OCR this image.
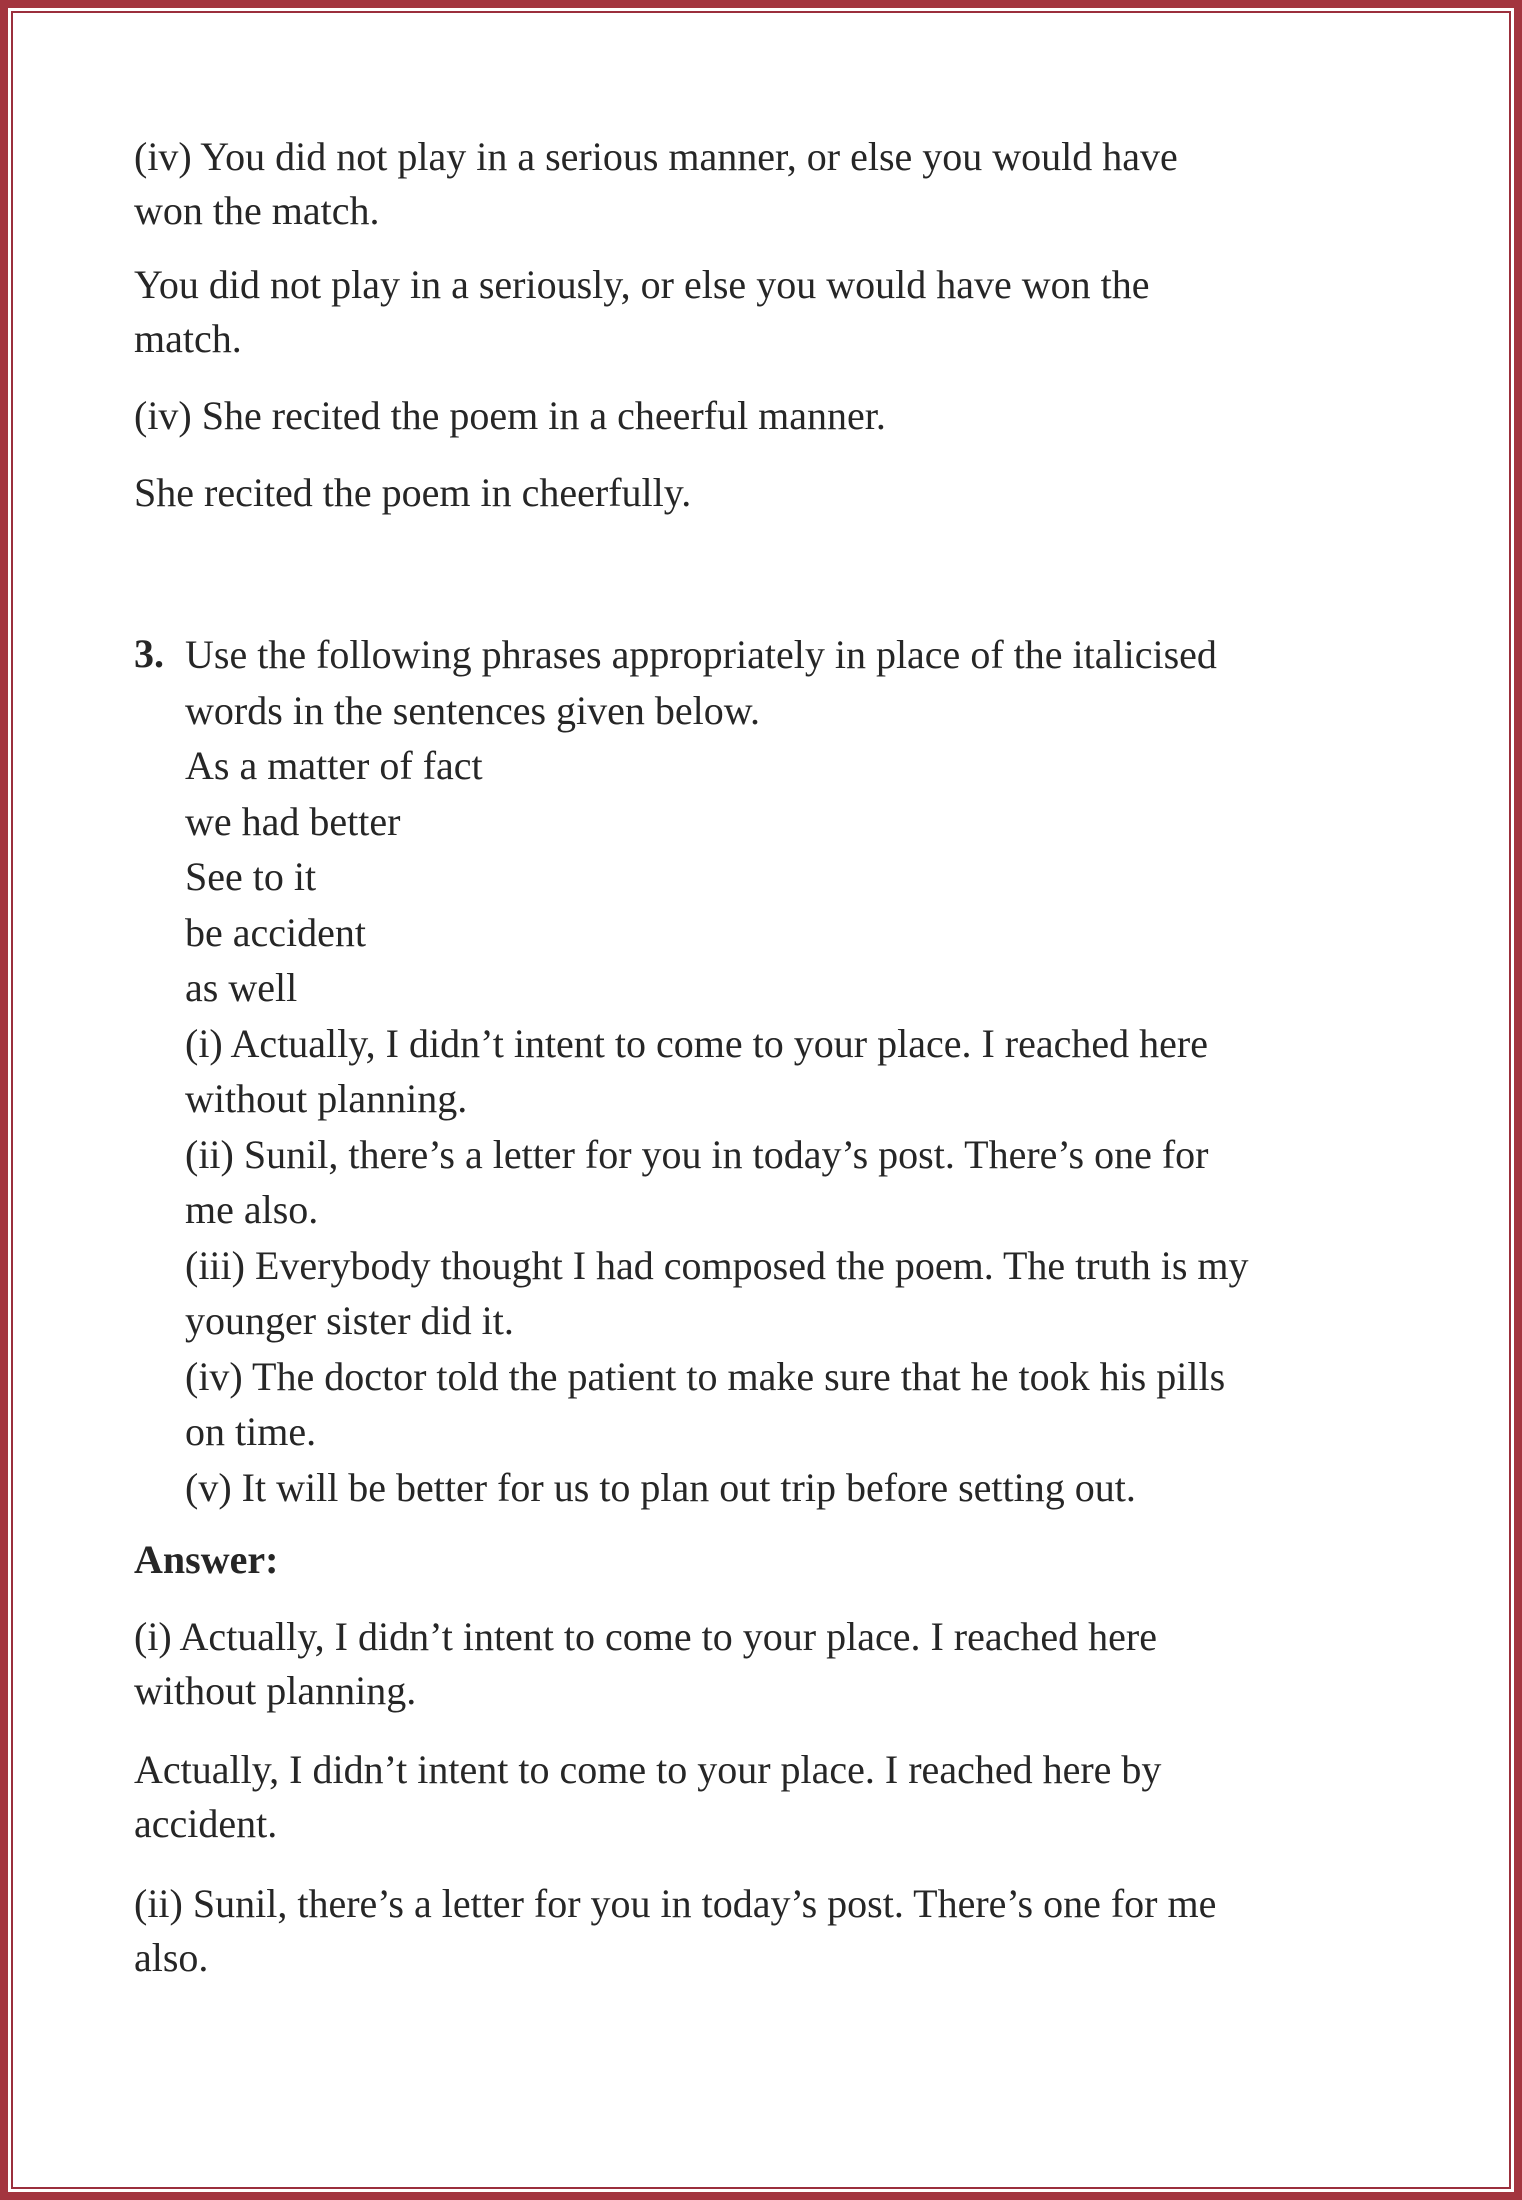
(iv) You did not play in a serious manner, or else you would have
won the match.
You did not play in a seriously, or else you would have won the
match.
(iv) She recited the poem in a cheerful manner.
She recited the poem in cheerfully.
3. Use the following phrases appropriately in place of the italicised
words in the sentences given below.
As a matter of fact
we had better
See to it
be accident
as well
(i) Actually, I didn’t intent to come to your place. I reached here
without planning.
(ii) Sunil, there’s a letter for you in today’s post. There’s one for
me also.
(iii) Everybody thought I had composed the poem. The truth is my
younger sister did it.
(iv) The doctor told the patient to make sure that he took his pills
on time.
(v) It will be better for us to plan out trip before setting out.
Answer:
(i) Actually, I didn’t intent to come to your place. I reached here
without planning.
Actually, I didn’t intent to come to your place. I reached here by
accident.
(ii) Sunil, there’s a letter for you in today’s post. There’s one for me
also.
